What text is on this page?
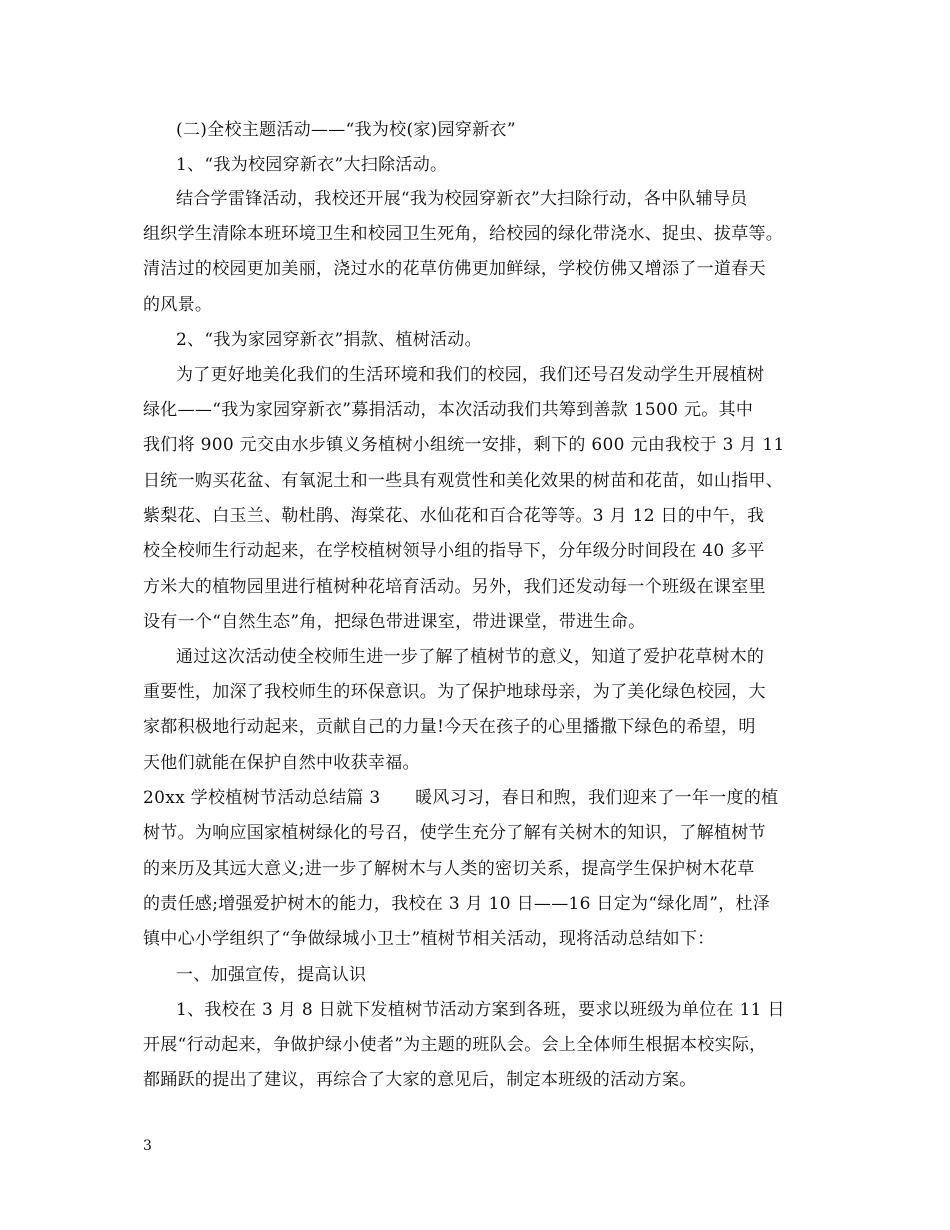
(二)全校主题活动——“我为校(家)园穿新衣”
1、“我为校园穿新衣”大扫除活动。
结合学雷锋活动，我校还开展“我为校园穿新衣”大扫除行动，各中队辅导员
组织学生清除本班环境卫生和校园卫生死角，给校园的绿化带浇水、捉虫、拔草等。
清洁过的校园更加美丽，浇过水的花草仿佛更加鲜绿，学校仿佛又增添了一道春天
的风景。
2、“我为家园穿新衣”捐款、植树活动。
为了更好地美化我们的生活环境和我们的校园，我们还号召发动学生开展植树
绿化——“我为家园穿新衣”募捐活动，本次活动我们共筹到善款 1500 元。其中
我们将 900 元交由水步镇义务植树小组统一安排，剩下的 600 元由我校于 3 月 11
日统一购买花盆、有氧泥土和一些具有观赏性和美化效果的树苗和花苗，如山指甲、
紫梨花、白玉兰、勒杜鹃、海棠花、水仙花和百合花等等。3 月 12 日的中午，我
校全校师生行动起来，在学校植树领导小组的指导下，分年级分时间段在 40 多平
方米大的植物园里进行植树种花培育活动。另外，我们还发动每一个班级在课室里
设有一个“自然生态”角，把绿色带进课室，带进课堂，带进生命。
通过这次活动使全校师生进一步了解了植树节的意义，知道了爱护花草树木的
重要性，加深了我校师生的环保意识。为了保护地球母亲，为了美化绿色校园，大
家都积极地行动起来，贡献自己的力量!今天在孩子的心里播撒下绿色的希望，明
天他们就能在保护自然中收获幸福。
20xx 学校植树节活动总结篇 3　　暖风习习，春日和煦，我们迎来了一年一度的植
树节。为响应国家植树绿化的号召，使学生充分了解有关树木的知识，了解植树节
的来历及其远大意义;进一步了解树木与人类的密切关系，提高学生保护树木花草
的责任感;增强爱护树木的能力，我校在 3 月 10 日——16 日定为“绿化周”，杜泽
镇中心小学组织了“争做绿城小卫士”植树节相关活动，现将活动总结如下：
一、加强宣传，提高认识
1、我校在 3 月 8 日就下发植树节活动方案到各班，要求以班级为单位在 11 日
开展“行动起来，争做护绿小使者”为主题的班队会。会上全体师生根据本校实际，
都踊跃的提出了建议，再综合了大家的意见后，制定本班级的活动方案。
3
